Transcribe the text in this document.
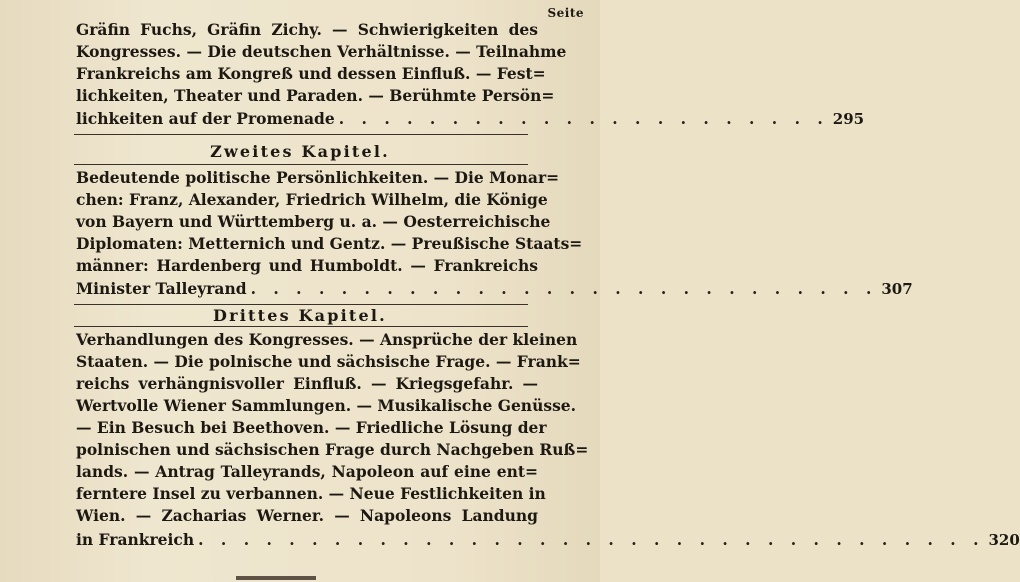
Seite
Gräfin Fuchs, Gräfin Zichy. — Schwierigkeiten des
Kongresses. — Die deutschen Verhältnisse. — Teilnahme
Frankreichs am Kongreß und dessen Einfluß. — Fest=
lichkeiten, Theater und Paraden. — Berühmte Persön=
lichkeiten auf der Promenade . . . . . . . . . . . . . . . . . . . . . . 295
Zweites Kapitel.
Bedeutende politische Persönlichkeiten. — Die Monar=
chen: Franz, Alexander, Friedrich Wilhelm, die Könige
von Bayern und Württemberg u. a. — Oesterreichische
Diplomaten: Metternich und Gentz. — Preußische Staats=
männer: Hardenberg und Humboldt. — Frankreichs
Minister Talleyrand . . . . . . . . . . . . . . . . . . . . . . . . . . . . 307
Drittes Kapitel.
Verhandlungen des Kongresses. — Ansprüche der kleinen
Staaten. — Die polnische und sächsische Frage. — Frank=
reichs verhängnisvoller Einfluß. — Kriegsgefahr. —
Wertvolle Wiener Sammlungen. — Musikalische Genüsse.
— Ein Besuch bei Beethoven. — Friedliche Lösung der
polnischen und sächsischen Frage durch Nachgeben Ruß=
lands. — Antrag Talleyrands, Napoleon auf eine ent=
ferntere Insel zu verbannen. — Neue Festlichkeiten in
Wien. — Zacharias Werner. — Napoleons Landung
in Frankreich . . . . . . . . . . . . . . . . . . . . . . . . . . . . . . . . . . . 320
